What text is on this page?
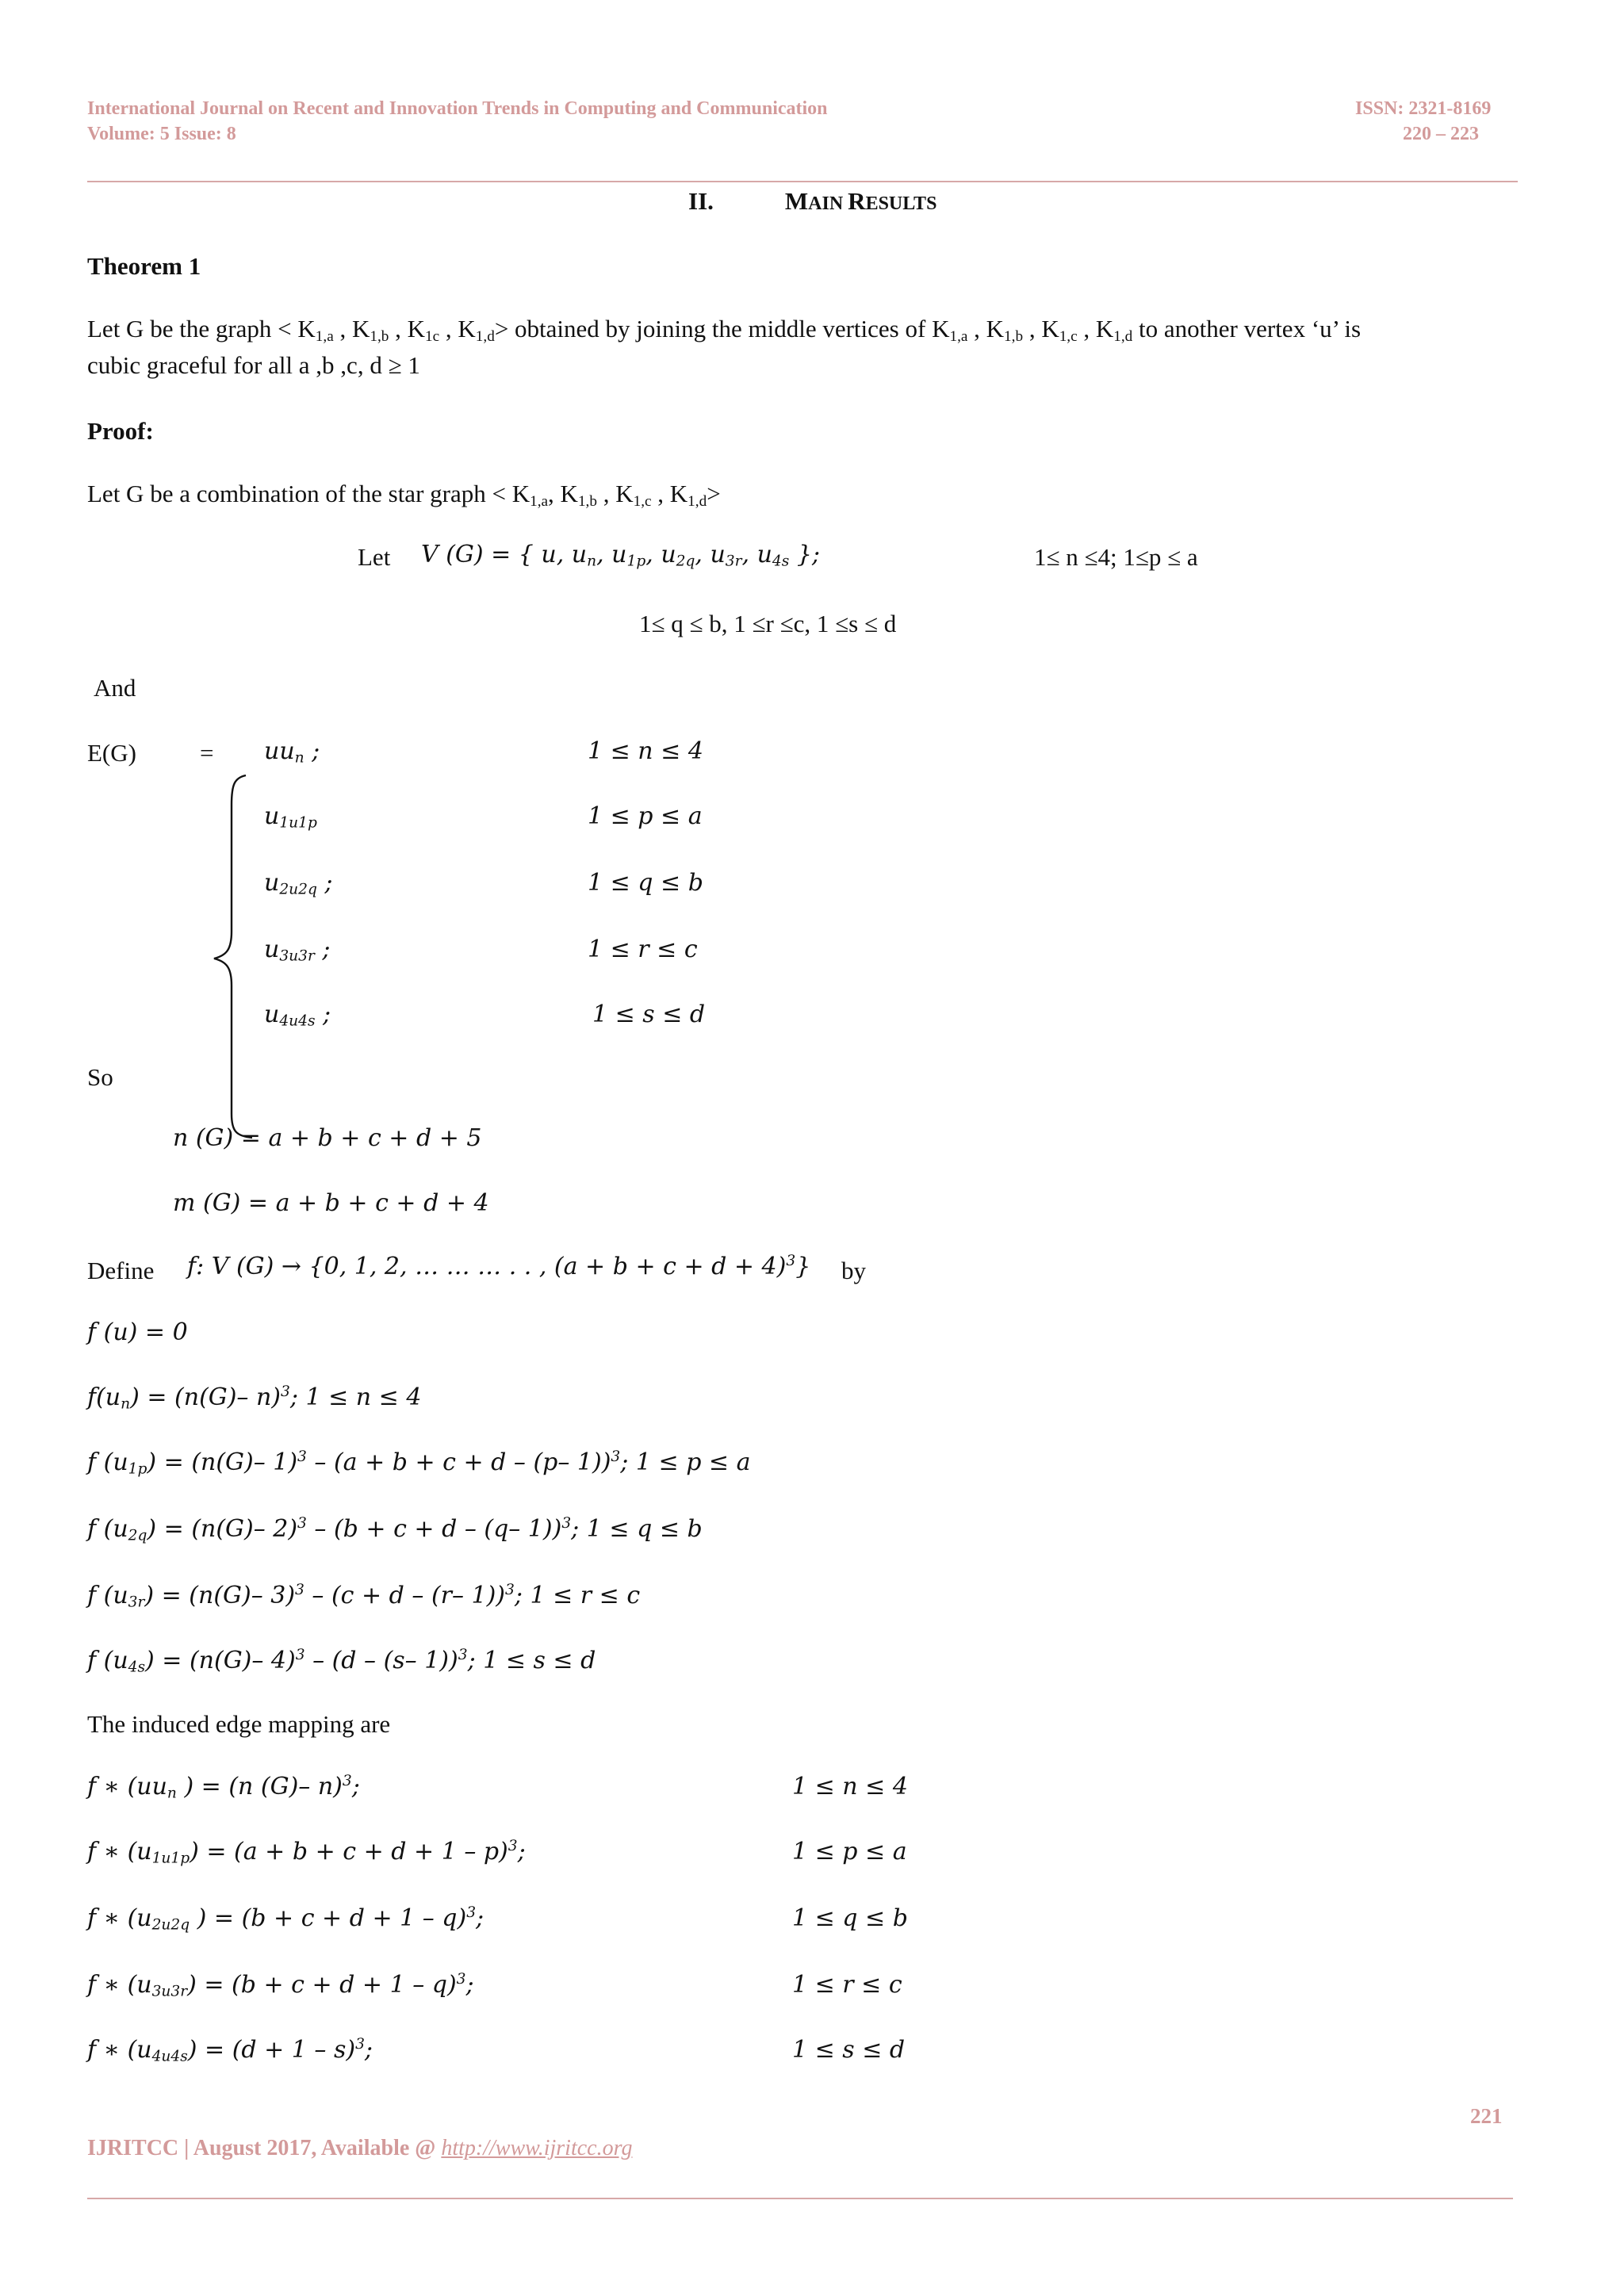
International Journal on Recent and Innovation Trends in Computing and Communication
Volume: 5 Issue: 8
ISSN: 2321-8169
220 – 223
II.	MAIN RESULTS
Theorem 1
Let G be the graph < $K_{1,a}$ , $K_{1,b}$ , $K_{1c}$ , $K_{1,d}>$ obtained by joining the middle vertices of $K_{1,a}$ , $K_{1,b}$ , $K_{1,c}$ , $K_{1,d}$ to another vertex ‘u’ is
cubic graceful for all a ,b ,c, d ≥ 1
Proof:
Let G be a combination of the star graph < $K_{1,a}$, $K_{1,b}$ , $K_{1,c}$ , $K_{1,d}>$
Let V (G) = { u, $u_n$, $u_{1p}$, $u_{2q}$, $u_{3r}$, $u_{4s}$ };	1≤ n ≤4; 1≤p ≤ a
1≤ q ≤ b, 1 ≤r ≤c, 1 ≤s ≤ d
And
E(G)	= $uu_n$ ;	1 ≤ n ≤ 4
$u_{1u1p}$	1 ≤ p ≤ a
$u_{2u2q}$ ;	1 ≤ q ≤ b
$u_{3u3r}$ ;	1 ≤ r ≤ c
$u_{4u4s}$ ;	1 ≤ s ≤ d
So
n (G) = a + b + c + d + 5
m (G) = a + b + c + d + 4
Define f: V (G) → {0, 1, 2, … … … . . , $(a + b + c + d + 4)^3$} by
f (u) = 0
$f(u_n) = (n(G)-$ n)$^3$; 1 ≤ n ≤ 4
f $(u_{1p}) = (n(G)-$ 1)$^3$ – (a + b + c + d – (p– 1))$^3$; 1 ≤ p ≤ a
f $(u_{2q}) = (n(G)-$ 2)$^3$ – (b + c + d – (q– 1))$^3$; 1 ≤ q ≤ b
f $(u_{3r}) = (n(G)-$ 3)$^3$ – (c + d – (r– 1))$^3$; 1 ≤ r ≤ c
f $(u_{4s}) = (n(G)-$ 4)$^3$ – (d – (s– 1))$^3$; 1 ≤ s ≤ d
The induced edge mapping are
f ∗ ($uu_n$ ) = (n (G)– n)$^3$;	1 ≤ n ≤ 4
f ∗ $(u_{1u1p}) = (a + b + c + d + 1 - p)^3$;	1 ≤ p ≤ a
f ∗ ($u_{2u2q}$ ) = $(b + c + d + 1 - q)^3$;	1 ≤ q ≤ b
f ∗ $(u_{3u3r}) = (b + c + d + 1 - q)^3$;	1 ≤ r ≤ c
f ∗ $(u_{4u4s}) = (d + 1 - s)^3$;	1 ≤ s ≤ d
221
IJRITCC | August 2017, Available @ http://www.ijritcc.org
